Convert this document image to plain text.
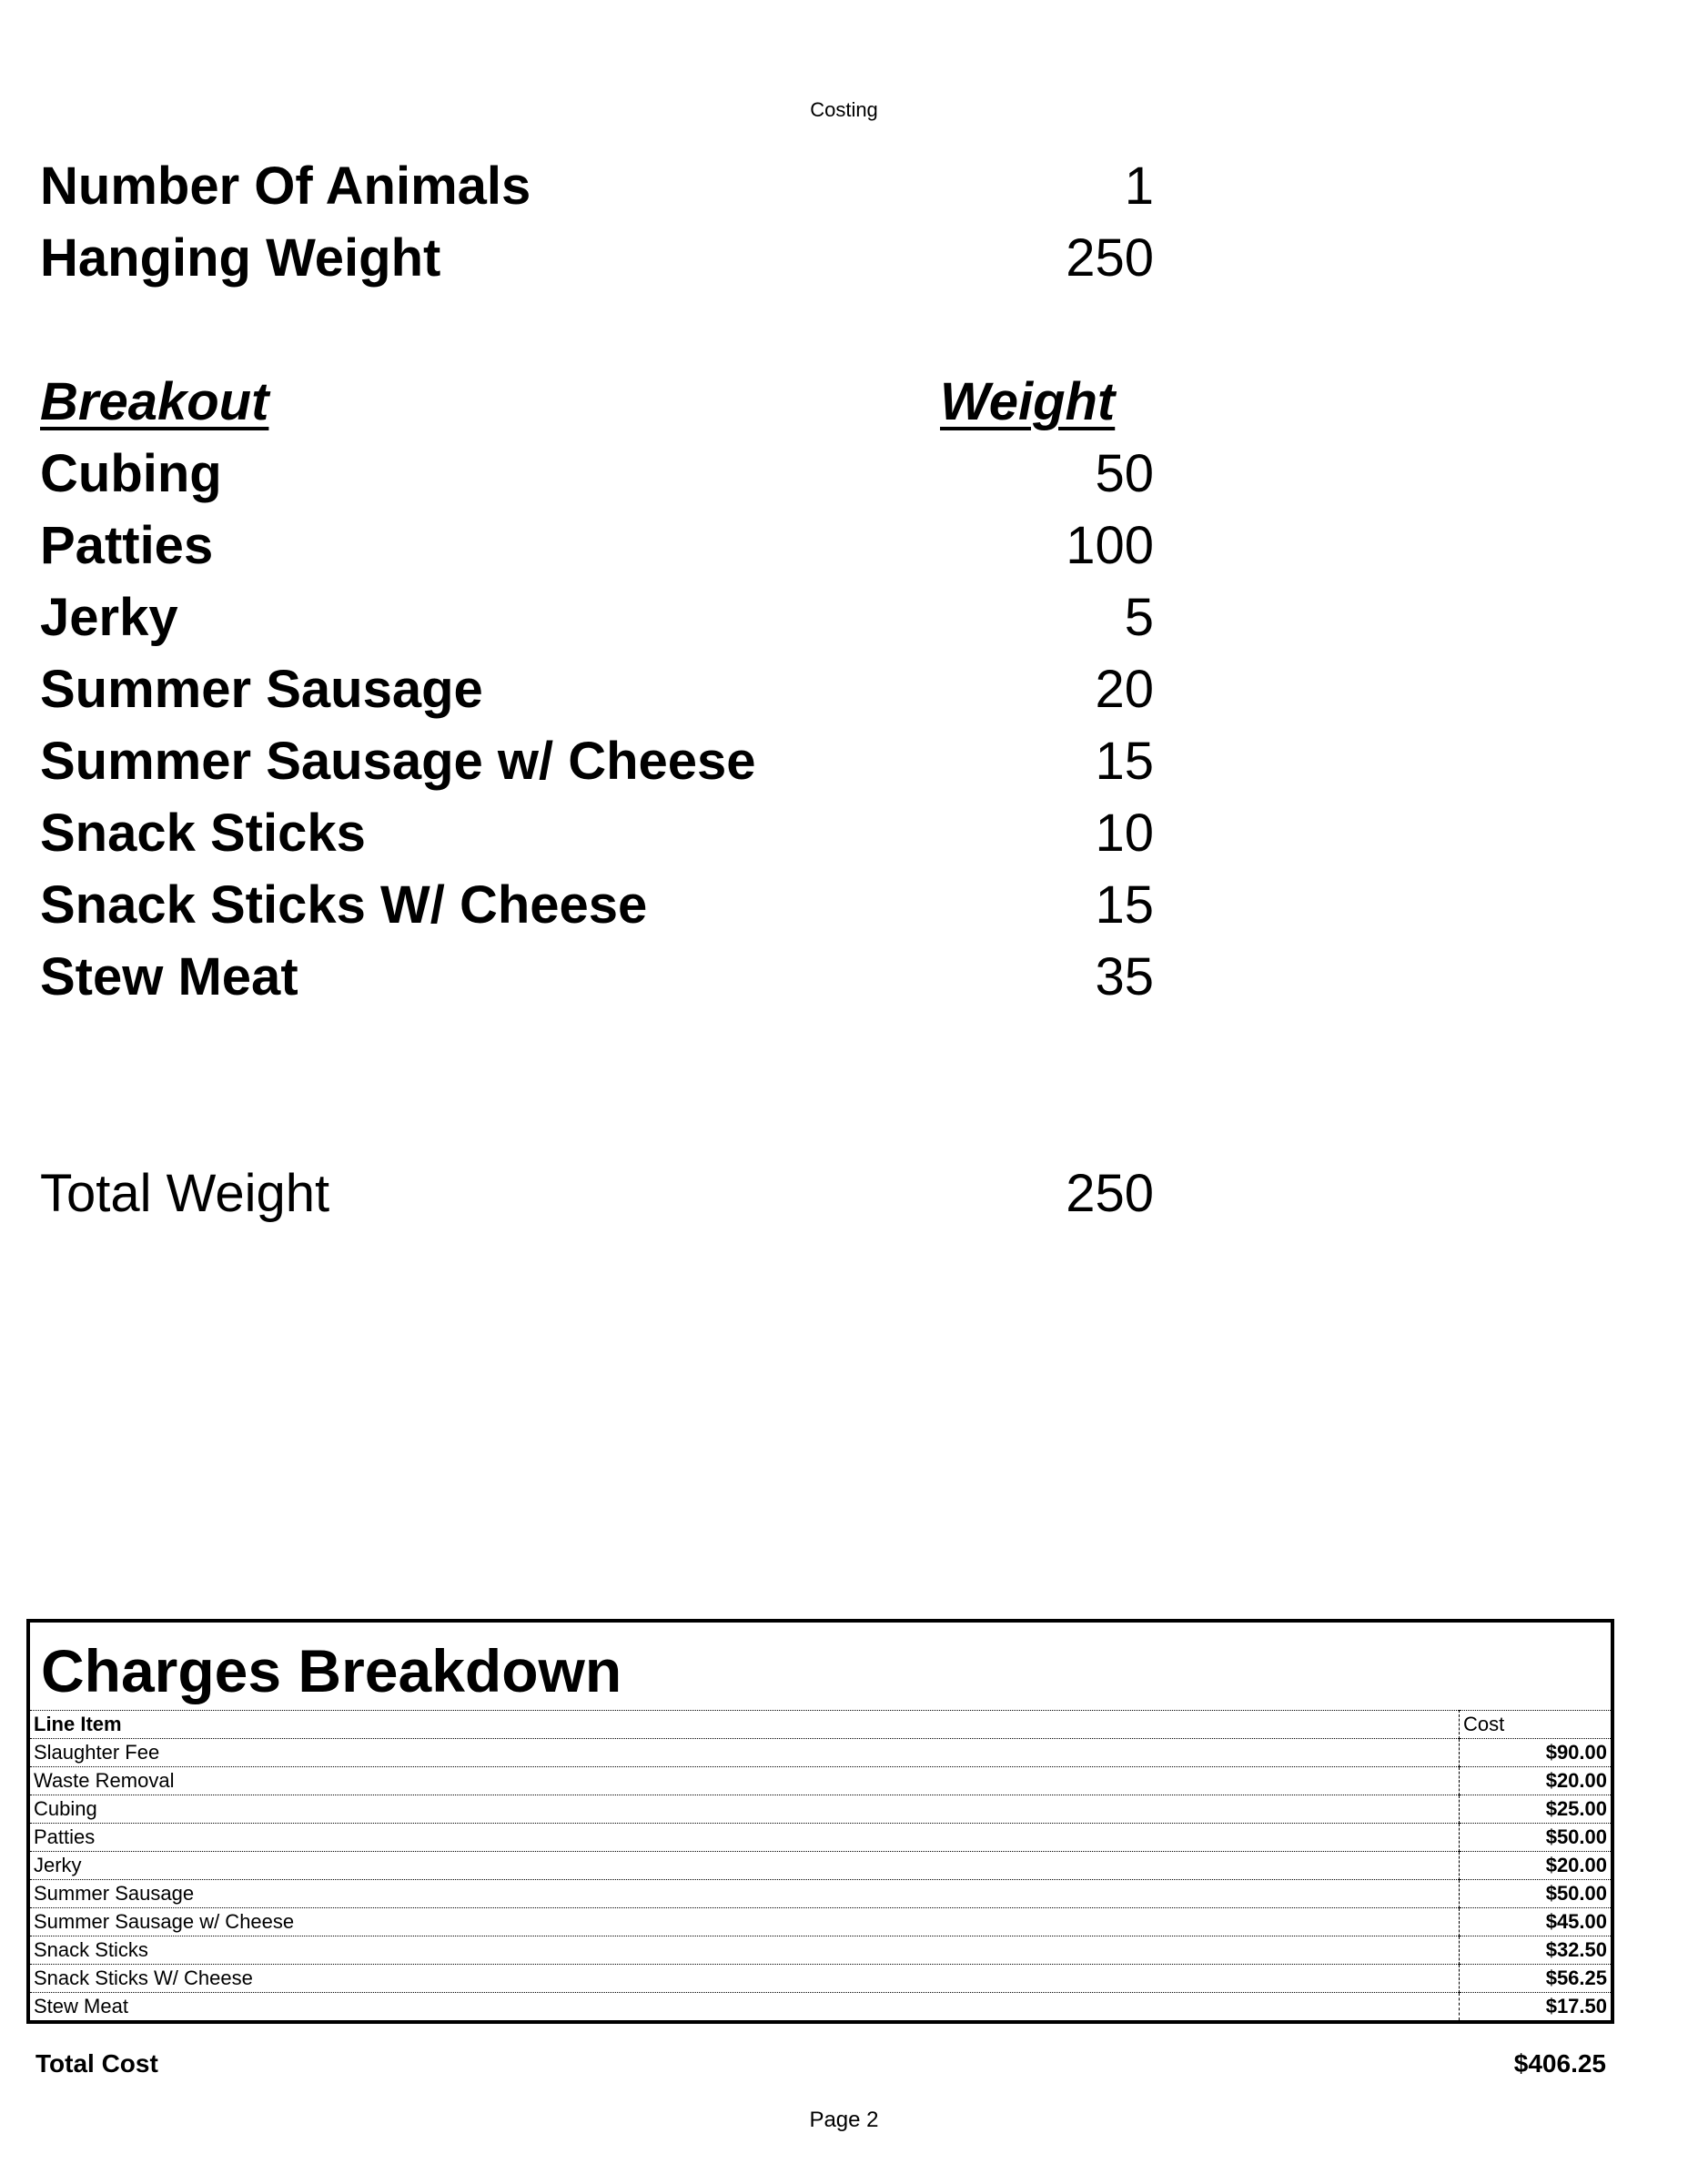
Costing
Number Of Animals	1
Hanging Weight	250
Breakout	Weight
Cubing	50
Patties	100
Jerky	5
Summer Sausage	20
Summer Sausage w/ Cheese	15
Snack Sticks	10
Snack Sticks W/ Cheese	15
Stew Meat	35
Total Weight	250
Charges Breakdown
Line Item	Cost
Slaughter Fee	$90.00
Waste Removal	$20.00
Cubing	$25.00
Patties	$50.00
Jerky	$20.00
Summer Sausage	$50.00
Summer Sausage w/ Cheese	$45.00
Snack Sticks	$32.50
Snack Sticks W/ Cheese	$56.25
Stew Meat	$17.50
Total Cost	$406.25
Page 2
